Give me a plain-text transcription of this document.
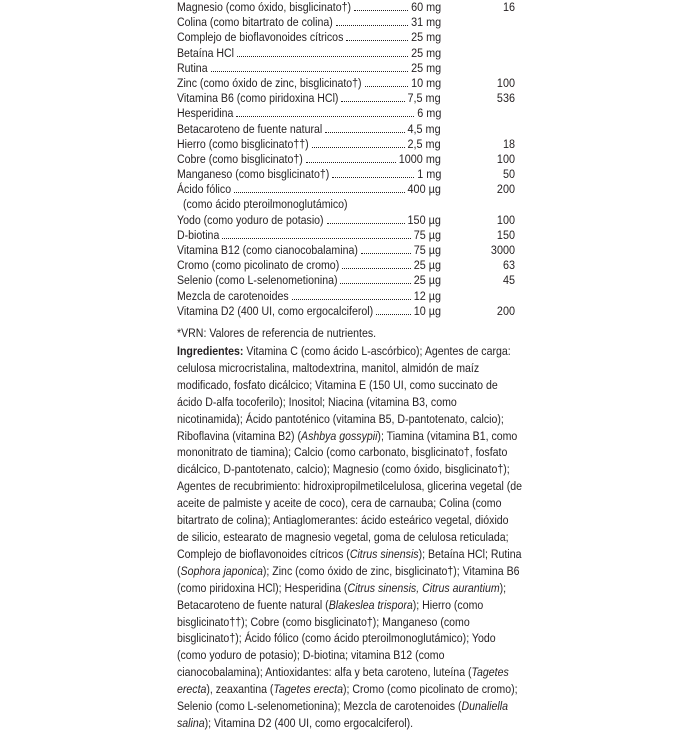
Magnesio (como óxido, bisglicinato†)	60 mg	16
Colina (como bitartrato de colina)	31 mg
Complejo de bioflavonoides cítricos	25 mg
Betaína HCl	25 mg
Rutina	25 mg
Zinc (como óxido de zinc, bisglicinato†)	10 mg	100
Vitamina B6 (como piridoxina HCl)	7,5 mg	536
Hesperidina	6 mg
Betacaroteno de fuente natural	4,5 mg
Hierro (como bisglicinato††)	2,5 mg	18
Cobre (como bisglicinato†)	1000 mg	100
Manganeso (como bisglicinato†)	1 mg	50
Ácido fólico	400 µg	200
(como ácido pteroilmonoglutámico)
Yodo (como yoduro de potasio)	150 µg	100
D-biotina	75 µg	150
Vitamina B12 (como cianocobalamina)	75 µg	3000
Cromo (como picolinato de cromo)	25 µg	63
Selenio (como L-selenometionina)	25 µg	45
Mezcla de carotenoides	12 µg
Vitamina D2 (400 UI, como ergocalciferol)	10 µg	200
*VRN: Valores de referencia de nutrientes.
Ingredientes: Vitamina C (como ácido L-ascórbico); Agentes de carga: celulosa microcristalina, maltodextrina, manitol, almidón de maíz modificado, fosfato dicálcico; Vitamina E (150 UI, como succinato de ácido D-alfa tocoferilo); Inositol; Niacina (vitamina B3, como nicotinamida); Ácido pantoténico (vitamina B5, D-pantotenato, calcio); Riboflavina (vitamina B2) (Ashbya gossypii); Tiamina (vitamina B1, como mononitrato de tiamina); Calcio (como carbonato, bisglicinato†, fosfato dicálcico, D-pantotenato, calcio); Magnesio (como óxido, bisglicinato†); Agentes de recubrimiento: hidroxipropilmetilcelulosa, glicerina vegetal (de aceite de palmiste y aceite de coco), cera de carnauba; Colina (como bitartrato de colina); Antiaglomerantes: ácido esteárico vegetal, dióxido de silicio, estearato de magnesio vegetal, goma de celulosa reticulada; Complejo de bioflavonoides cítricos (Citrus sinensis); Betaína HCl; Rutina (Sophora japonica); Zinc (como óxido de zinc, bisglicinato†); Vitamina B6 (como piridoxina HCl); Hesperidina (Citrus sinensis, Citrus aurantium); Betacaroteno de fuente natural (Blakeslea trispora); Hierro (como bisglicinato††); Cobre (como bisglicinato†); Manganeso (como bisglicinato†); Ácido fólico (como ácido pteroilmonoglutámico); Yodo (como yoduro de potasio); D-biotina; vitamina B12 (como cianocobalamina); Antioxidantes: alfa y beta caroteno, luteína (Tagetes erecta), zeaxantina (Tagetes erecta); Cromo (como picolinato de cromo); Selenio (como L-selenometionina); Mezcla de carotenoides (Dunaliella salina); Vitamina D2 (400 UI, como ergocalciferol).
